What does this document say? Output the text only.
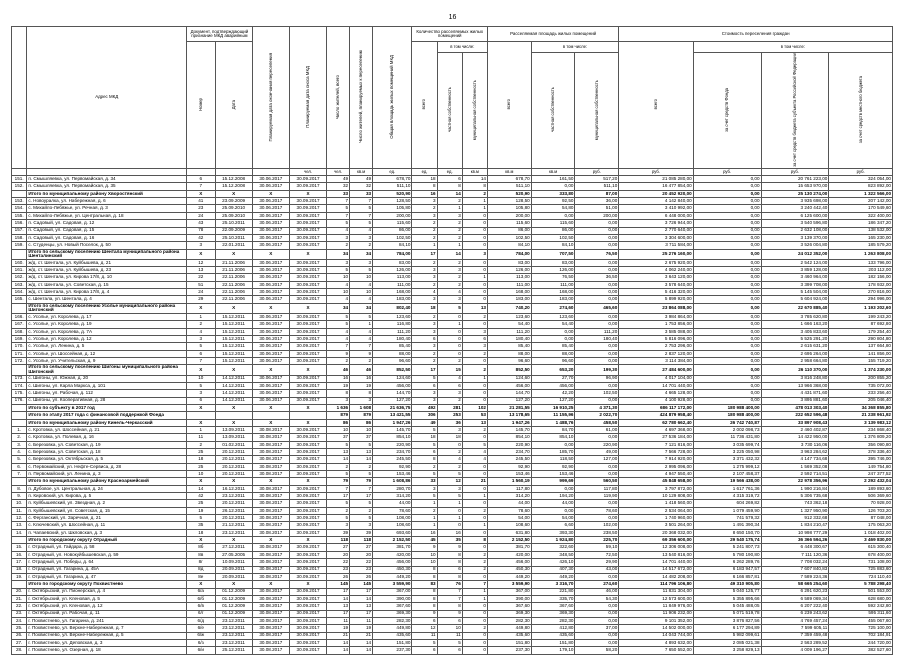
16
	Адрес МКД	Документ, подтверждающий признание МКД аварийным		Планируемая дата окончания переселения	Планируемая дата сноса МКД	Число жителей, всего	Число жителей, планируемых к переселению	Общая площадь жилых помещений МКД	Количество расселяемых жилых помещений			Расселяемая площадь жилых помещений			Стоимость переселения граждан			
		Номер	Дата						всего	в том числе:		всего	в том числе:		всего	в том числе:		
										частная собственность	муниципальная собственность		частная собственность	муниципальная собственность		за счет средств Фонда	за счет средств бюджета субъекта Российской Федерации	за счет средств местного бюджета
					чел.	чел.	кв.м	ед.	ед.	ед.	кв.м	кв.м	кв.м	руб.	руб.	руб.	руб.	руб.
151.	п. Смышляевка, ул. Первомайская, д. 34	6	15.12.2008	30.06.2017	30.09.2017	49	49	678,70	18	6	14	678,70	161,50	517,20	21 085 280,00	0,00	20 761 223,00	324 054,00
152.	п. Смышляевка, ул. Первомайская, д. 35	7	15.12.2008	30.06.2017	30.09.2017	32	32	511,10	8	8	8	511,10	0,00	511,10	16 477 854,00	0,00	15 653 970,00	823 892,00
	Итого по муниципальному району Хворостянский	X	X	X	X	33	33	520,90	16	14	2	520,90	333,80	87,00	20 452 920,00	0,00	25 130 274,00	1 322 566,00
153.	с. Новоуралка, ул. Набережная, д. 6	41	23.09.2009	30.06.2017	30.09.2017	7	7	128,50	3	2	1	128,50	92,50	36,00	4 142 840,00	0,00	3 935 698,00	207 142,00
154.	с. Михайло-Лебяжье, ул. Речная, д. 3	23	25.09.2010	30.06.2017	30.09.2017	5	5	105,80	2	1	1	105,80	54,80	51,00	3 410 992,00	0,00	3 240 442,40	170 549,60
155.	с. Михайло-Лебяжье, ул. Центральная, д. 18	24	25.09.2010	30.06.2017	30.09.2017	7	7	200,00	3	3	0	200,00	0,00	200,00	6 448 000,00	0,00	6 125 600,00	322 400,00
156.	п. Садовый, ул. Садовая, д. 12	43	25.10.2011	30.06.2017	30.09.2017	5	5	115,60	2	2	0	115,60	115,60	0,00	3 726 944,00	0,00	3 540 596,80	186 347,20
157.	п. Садовый, ул. Садовая, д. 15	78	22.09.2009	30.06.2017	30.09.2017	4	4	86,00	2	2	0	86,00	86,00	0,00	2 770 640,00	0,00	2 632 108,00	138 532,00
158.	п. Садовый, ул. Садовая, д. 16	42	25.10.2011	30.06.2017	30.09.2017	3	3	102,50	2	2	0	102,50	102,50	0,00	3 304 600,00	0,00	3 139 370,00	165 230,00
159.	с. Студенцы, ул. Новый Поселок, д. 50	3	22.01.2011	30.06.2017	30.09.2017	2	2	84,10	1	1	0	84,10	84,10	0,00	3 711 584,00	0,00	3 526 004,80	185 579,20
	Итого по сельскому поселению Шентала муниципального района Шенталинский	X	X	X	X	34	34	784,00	17	14	3	784,00	707,50	76,50	25 276 160,00	0,00	24 012 352,00	1 263 808,00
160.	ж/д. ст. Шентала, ул. Куйбышева, д. 21	12	21.11.2006	30.06.2017	30.09.2017	3	3	83,00	2	2	0	83,00	83,00	0,00	2 675 920,00	0,00	2 542 124,00	133 796,00
161.	ж/д. ст. Шентала, ул. Куйбышева, д. 23	13	21.11.2006	30.06.2017	30.09.2017	5	5	126,00	3	3	0	126,00	126,00	0,00	4 062 240,00	0,00	3 859 128,00	203 112,00
162.	ж/д. ст. Шентала, ул. Кирова 17/8, д. 10	22	22.11.2006	30.06.2017	30.09.2017	10	10	113,00	3	2	1	113,00	76,50	36,50	3 643 120,00	0,00	3 460 964,00	182 156,00
163.	ж/д. ст. Шентала, ул. Советская, д. 15	51	22.11.2006	30.06.2017	30.09.2017	4	4	111,00	2	2	0	111,00	111,00	0,00	3 578 640,00	0,00	3 399 708,00	178 932,00
164.	ж/д. ст. Шентала, ул. Кирова 17/8, д. 4	24	22.11.2006	30.06.2017	30.09.2017	10	10	168,00	4	4	0	168,00	168,00	0,00	5 416 320,00	0,00	5 145 504,00	270 816,00
165.	с. Шентала, ул. Шентала, д. 4	29	22.11.2006	30.06.2017	30.09.2017	4	4	183,00	3	3	0	183,00	183,00	0,00	5 899 920,00	0,00	5 604 924,00	294 996,00
	Итого по сельскому поселению Усолье муниципального района Шигонский	X	X	X	X	34	34	802,40	18	5	13	740,20	274,60	465,60	23 864 088,00	0,00	22 670 885,40	1 193 202,60
166.	с. Усолье, ул. Королева, д. 17	1	15.12.2011	30.06.2017	30.09.2017	5	5	123,60	2	0	2	123,60	123,60	0,00	3 984 864,00	0,00	3 785 620,80	199 243,20
167.	с. Усолье, ул. Королева, д. 19	2	15.12.2011	30.06.2017	30.09.2017	5	1	116,80	3	1	0	54,40	54,40	0,00	1 753 856,00	0,00	1 666 163,20	87 692,80
168.	с. Усолье, ул. Королева, д. 7А	4	15.12.2011	30.06.2017	30.09.2017	4	4	111,20	3	0	3	111,20	0,00	111,20	3 585 088,00	0,00	3 405 833,60	179 254,40
169.	с. Усолье, ул. Королева, д. 12	3	15.12.2011	30.06.2017	30.09.2017	4	4	180,40	6	0	6	180,40	0,00	180,40	5 816 096,00	0,00	5 525 291,20	290 804,80
170.	с. Усолье, ул. Ленина, д. 5	5	15.12.2011	30.06.2017	30.09.2017	7	7	85,40	3	0	3	85,40	85,40	0,00	2 753 296,00	0,00	2 615 631,20	137 664,80
171.	с. Усолье, ул. Шоссейная, д. 12	6	15.12.2011	30.06.2017	30.09.2017	9	9	88,00	2	0	2	88,00	88,00	0,00	2 837 120,00	0,00	2 695 264,00	141 856,00
172.	с. Усолье, ул. Учительская, д. 9	7	15.12.2011	30.06.2017	30.09.2017	2	2	96,60	2	2	0	96,60	96,60	0,00	3 114 384,00	0,00	2 958 664,80	155 719,20
	Итого по сельскому поселению Шигоны муниципального района Шигонский	X	X	X	X	46	46	852,50	17	15	2	852,50	653,20	199,30	27 484 600,00	0,00	26 110 370,00	1 374 230,00
173.	с. Шигоны, ул. Южная, д. 20	10	14.12.2011	30.06.2017	30.09.2017	16	16	124,60	5	4	1	124,60	27,70	96,90	4 017 104,00	0,00	3 816 248,80	200 855,20
174.	с. Шигоны, ул. Карла Маркса, д. 101	5	14.12.2011	30.06.2017	30.09.2017	19	19	456,00	6	6	0	456,00	456,00	0,00	14 701 440,00	0,00	13 966 368,00	735 072,00
175.	с. Шигоны, ул. Рабочая, д. 112	3	14.12.2011	30.06.2017	30.09.2017	8	8	144,70	3	3	0	144,70	42,20	102,50	4 665 128,00	0,00	4 431 871,60	233 256,40
176.	с. Шигоны, ул. Кооперативная, д. 28	6	14.12.2011	30.06.2017	30.09.2017	3	3	127,20	3	2	0	127,20	127,20	0,00	4 100 928,00	0,00	3 895 881,60	205 046,40
	Итого по субъекту в 2017 год	X	X	X	X	1 636	1 608	21 636,75	492	281	102	21 281,55	16 910,25	4 371,30	686 117 172,00	180 988 400,00	478 013 303,40	34 368 855,80
	Итого по этапу 2017 года с финансовой поддержкой Фонда					879	879	13 421,55	306	253	53	13 178,65	11 155,96	2 022,70	424 879 958,40	180 988 400,00	222 652 596,48	21 238 961,92
	Итого по муниципальному району Кинель-Черкасский	X	X	X	X	86	86	1 947,26	49	36	13	1 947,26	1 488,76	458,50	62 780 662,40	26 742 740,87	33 897 908,43	3 139 983,12
1.	с. Кротовка, ул. Шоссейная, д. 21	1	13.09.2011	30.08.2017	30.09.2017	10	10	145,70	5	3	2	145,70	84,70	61,00	4 697 368,00	2 002 098,73	2 460 402,87	234 868,40
2.	с. Кротовка, ул. Полевая, д. 16	11	13.09.2011	30.08.2017	30.09.2017	37	37	854,10	18	18	0	854,10	854,10	0,00	27 536 184,00	11 736 431,80	14 422 950,00	1 376 809,20
3.	с. Березовка, ул. Советская, д. 19	2	01.02.2011	30.08.2017	30.09.2017	5	5	220,90	5	0	5	220,90	0,00	220,90	7 121 816,00	3 035 699,74	3 730 116,06	356 090,80
4.	с. Березовка, ул. Советская, д. 18	25	20.12.2011	30.08.2017	30.09.2017	13	13	234,70	6	2	4	234,70	185,70	49,00	7 566 728,00	3 225 050,98	3 963 284,62	378 336,40
5.	с. Березовка, ул. Октябрьская, д. 5	18	20.12.2011	30.08.2017	30.09.2017	14	14	245,50	8	4	4	245,50	118,50	127,00	7 914 920,00	3 371 432,32	4 147 734,68	395 746,00
6.	с. Первомайский, ул. Нефте-Сервиса, д. 28	25	20.12.2011	30.08.2017	30.09.2017	2	2	92,90	2	2	0	92,90	92,90	0,00	2 995 096,00	1 275 999,12	1 569 352,08	149 754,80
7.	п. Первомайский, ул. Ленина, д. 3	10	20.12.2011	30.08.2017	30.09.2017	5	5	153,46	5	5	0	153,46	153,46	0,00	4 947 550,40	2 107 458,37	2 592 714,51	247 377,52
	Итого по муниципальному району Красноармейский	X	X	X	X	79	79	1 608,86	33	12	21	1 560,19	999,69	560,50	45 848 658,00	19 566 438,00	22 978 356,96	2 292 432,04
8.	п. Дубовое, ул. Центральная, д. 24	14	16.12.2011	30.08.2017	30.09.2017	7	7	280,70	3	3	0	117,80	0,00	117,80	3 797 872,00	1 617 761,36	1 990 216,84	189 893,60
9.	п. Кировский, ул. Кирова, д. 5	42	23.12.2011	30.08.2017	30.09.2017	17	17	314,20	5	5	1	314,20	194,20	119,90	10 129 808,00	4 315 319,72	5 306 735,68	506 369,60
10.	п. Куйбышевский, ул. Звездная, д. 2	25	20.12.2011	30.08.2017	30.09.2017	5	5	44,00	1	1	0	44,00	44,00	0,00	1 418 560,00	604 269,82	743 362,18	70 928,00
11.	п. Куйбышевский, ул. Советская, д. 15	19	26.12.2011	30.08.2017	30.09.2017	2	2	78,60	2	0	2	78,60	0,00	78,60	2 534 064,00	1 079 459,90	1 327 950,90	126 703,20
12.	с. Ферганский, ул. Заречная, д. 21	5	20.12.2011	30.08.2017	30.09.2017	5	5	108,00	1	1	0	54,00	54,00	0,00	1 740 960,00	741 579,32	912 332,68	87 048,00
13.	с. Ключевский, ул. Шоссейная, д. 11	35	21.12.2011	30.08.2017	30.09.2017	3	3	108,60	1	0	1	108,60	6,60	102,00	3 501 264,00	1 491 390,34	1 834 210,47	175 063,20
14.	п. Чапаевский, ул. Шкловская, д. 3	18	23.12.2011	30.08.2017	30.09.2017	39	39	693,60	16	16	0	631,80	393,30	238,50	20 368 032,00	8 650 150,70	10 998 777,29	1 018 402,00
	Итого по городскому округу Отрадный	X	X	X	X	118	118	2 152,50	45	35	8	2 152,50	1 924,80	225,70	69 356 600,00	29 540 175,74	36 366 594,26	3 469 830,00
15.	г. Отрадный, ул. Гайдара, д. 58	8б	27.12.2011	30.08.2017	30.09.2017	27	27	381,70	9	9	0	381,70	322,60	59,10	12 306 008,00	5 241 807,73	6 448 300,67	615 300,40
16.	г. Отрадный, ул. Новокуйбышевская, д. 59	8в	27.05.2005	30.08.2017	30.09.2017	20	20	420,00	10	8	2	420,00	348,50	72,50	13 540 816,00	5 780 190,80	7 111 120,36	678 400,00
17.	г. Отрадный, ул. Победы, д. 64	8г	10.09.2011	30.08.2017	30.09.2017	22	22	456,00	10	8	2	456,00	426,10	29,90	14 701 440,00	6 262 289,76	7 708 032,24	731 108,00
18.	г. Отрадный, ул. Гагарина, д. 45А	8д	20.09.2011	30.08.2017	30.09.2017	23	23	450,30	8	6	2	450,30	407,30	43,00	14 517 672,00	6 183 947,57	7 607 840,83	725 883,60
19.	г. Отрадный, ул. Гагарина, д. 47	8е	20.09.2011	30.08.2017	30.09.2017	26	26	449,20	8	8	0	449,20	449,20	0,00	14 482 208,00	6 166 857,81	7 589 224,36	724 110,40
	Итого по городскому округу Похвистнево	X	X	X	X	145	145	3 559,90	83	76	7	3 559,90	3 316,70	274,60	114 796 106,80	49 310 905,80	58 665 254,60	5 788 298,40
20.	г. Октябрьский, ул. Пионерская, д. 4	6/а	01.12.2009	30.08.2017	30.09.2017	17	17	367,00	8	7	1	367,00	221,80	46,00	11 831 304,00	5 040 125,77	6 291 620,23	501 553,00
21.	г. Октябрьский, ул. Кленовая, д. 5	6/б	01.12.2009	30.08.2017	30.09.2017	14	14	390,00	8	7	1	390,00	335,70	54,30	12 573 600,00	5 355 895,66	6 589 069,34	628 680,00
22.	г. Октябрьский, ул. Кленовая, д. 12	6/в	01.12.2009	30.08.2017	30.09.2017	13	13	367,60	8	8	0	367,60	367,60	0,00	11 849 976,00	5 045 488,05	6 207 222,40	592 242,80
23.	г. Октябрьский, ул. Рабочая, д. 11	6/г	01.12.2009	30.08.2017	30.09.2017	17	17	369,30	9	9	0	369,30	369,30	0,00	11 906 232,00	5 071 519,78	6 239 243,62	595 311,60
24.	г. Похвистнево, ул. Гагарина, д. 241	6/д	23.12.2011	30.08.2017	30.09.2017	11	11	282,30	6	6	0	282,30	282,30	0,00	9 101 352,00	3 876 827,56	4 769 457,24	455 067,60
25.	г. Похвистнево, ул. Верхне-Набережная, д. 7	6/е	23.12.2011	30.08.2017	30.09.2017	19	19	449,80	12	10	2	449,80	412,80	37,00	14 502 000,00	6 177 294,89	7 599 605,11	725 100,00
26.	г. Похвистнево, ул. Верхне-Набережная, д. 5	6/ж	23.12.2011	30.08.2017	30.09.2017	21	21	435,60	11	11	0	435,60	435,60	0,00	14 043 744,00	5 982 099,61	7 359 459,48	702 184,91
27.	г. Похвистнево, ул. Деповская, д. 3	6/з	23.12.2011	30.08.2017	30.09.2017	14	14	151,80	5	5	0	151,80	151,80	0,00	4 893 632,00	2 085 021,38	2 563 289,52	244 720,00
28.	г. Похвистнево, ул. Озерная, д. 18	6/и	25.12.2011	30.08.2017	30.09.2017	14	14	237,30	6	6	0	237,30	179,10	58,20	7 650 552,00	3 258 829,13	4 009 196,27	382 527,60
